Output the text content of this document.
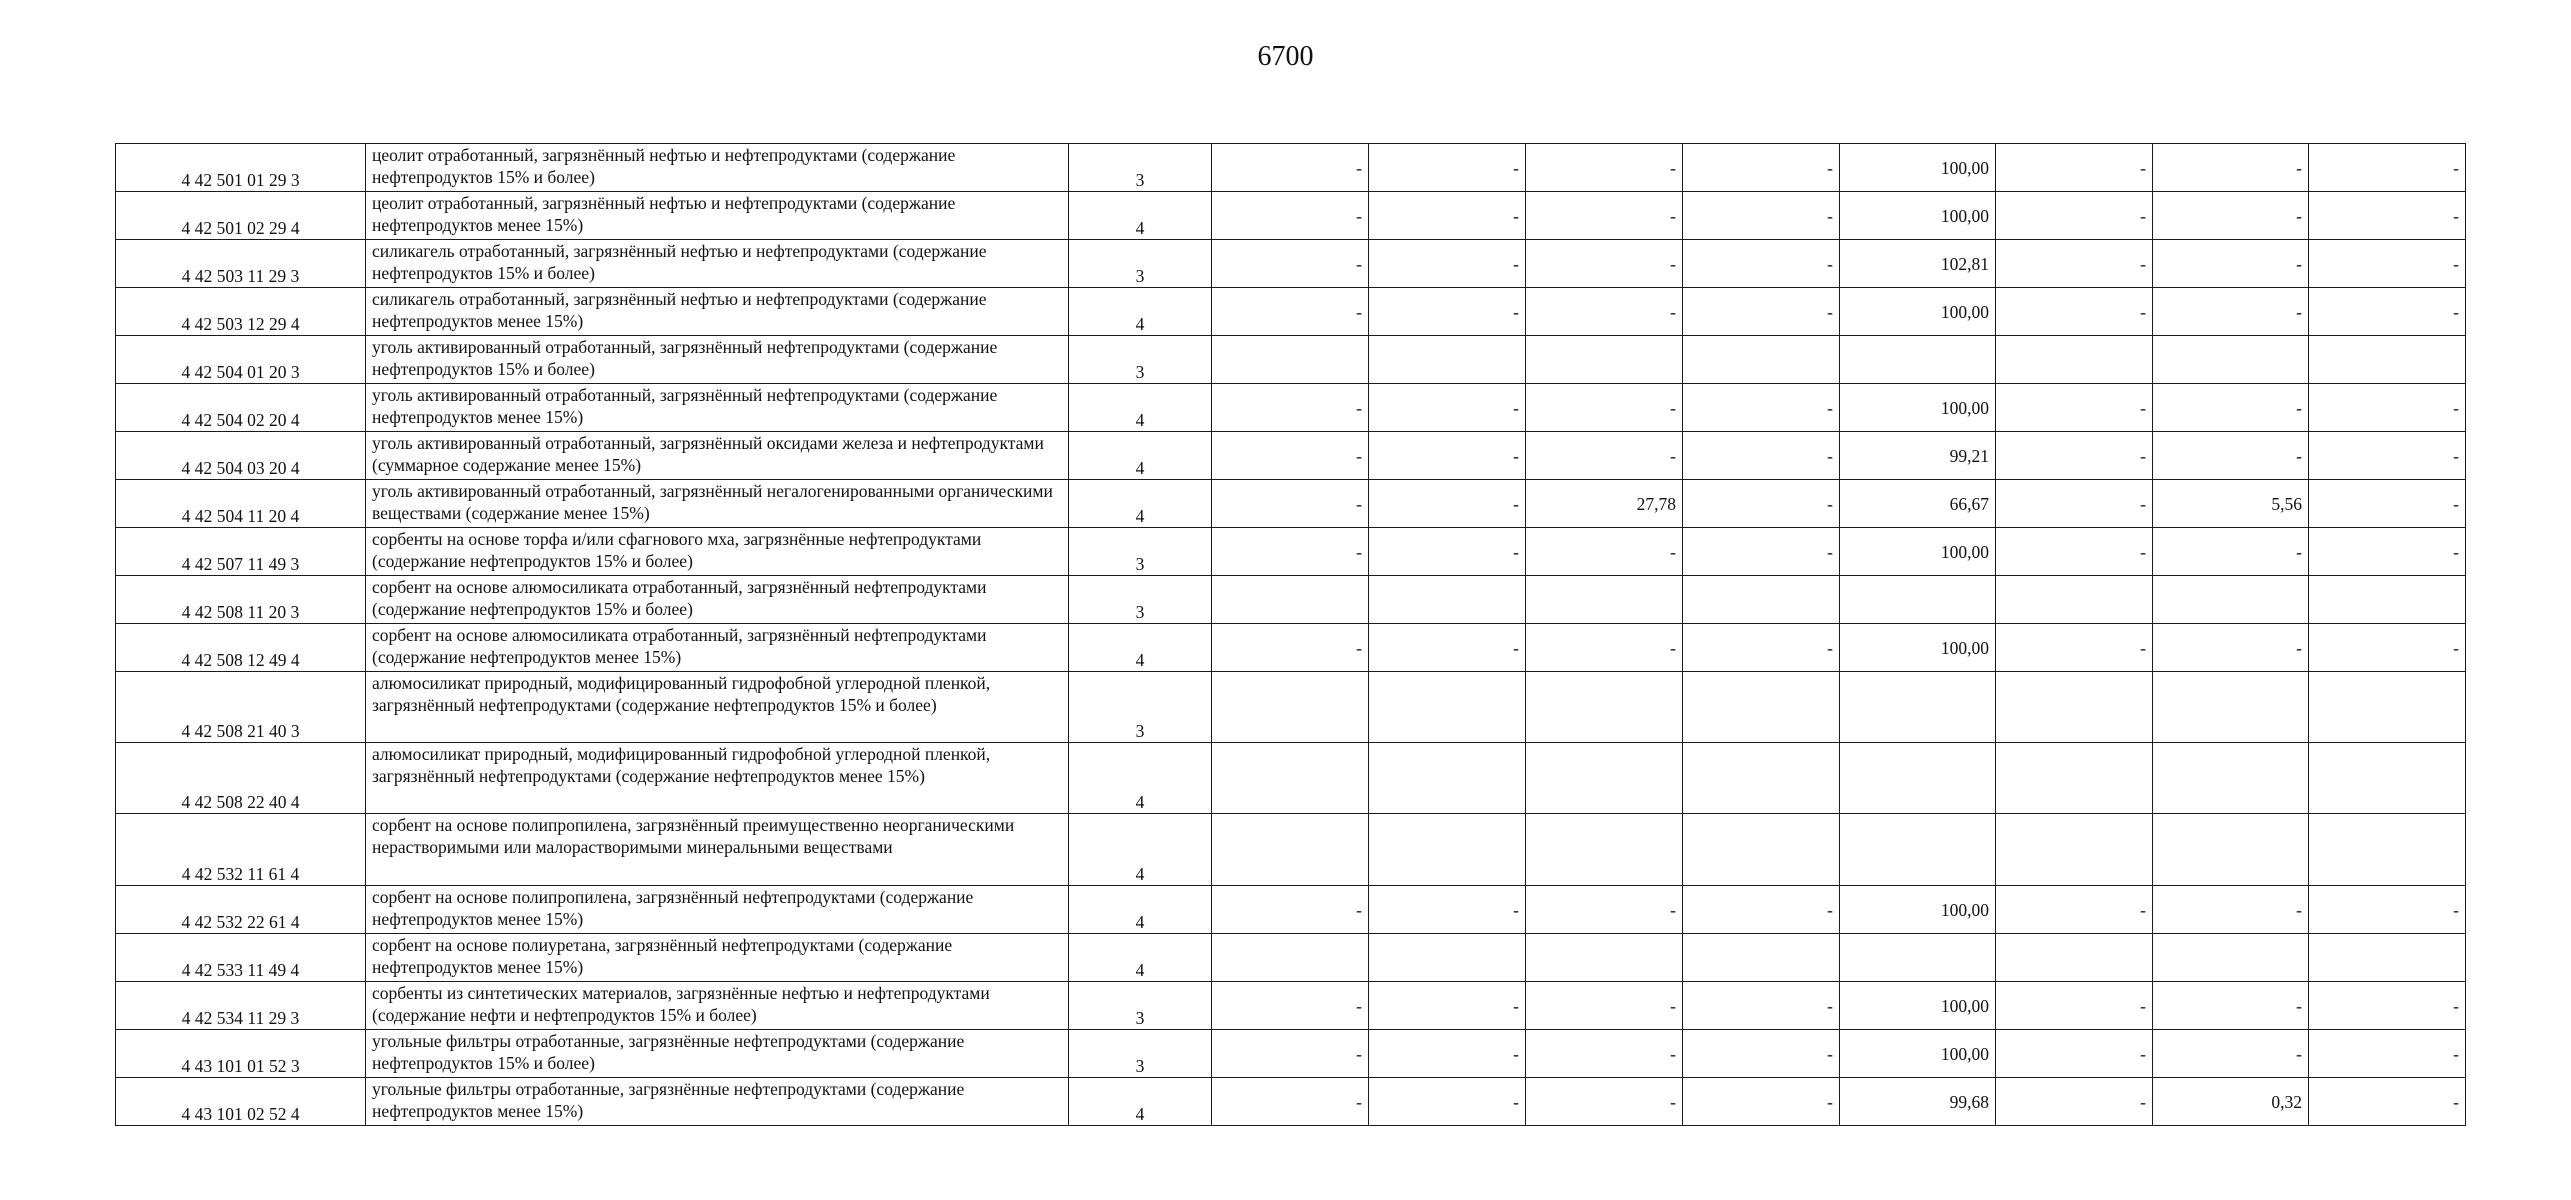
6700
4 42 501 01 29 3	цеолит отработанный, загрязнённый нефтью и нефтепродуктами (содержание нефтепродуктов 15% и более)	3	-	-	-	-	100,00	-	-	-
4 42 501 02 29 4	цеолит отработанный, загрязнённый нефтью и нефтепродуктами (содержание нефтепродуктов менее 15%)	4	-	-	-	-	100,00	-	-	-
4 42 503 11 29 3	силикагель отработанный, загрязнённый нефтью и нефтепродуктами (содержание нефтепродуктов 15% и более)	3	-	-	-	-	102,81	-	-	-
4 42 503 12 29 4	силикагель отработанный, загрязнённый нефтью и нефтепродуктами (содержание нефтепродуктов менее 15%)	4	-	-	-	-	100,00	-	-	-
4 42 504 01 20 3	уголь активированный отработанный, загрязнённый нефтепродуктами (содержание нефтепродуктов 15% и более)	3								
4 42 504 02 20 4	уголь активированный отработанный, загрязнённый нефтепродуктами (содержание нефтепродуктов менее 15%)	4	-	-	-	-	100,00	-	-	-
4 42 504 03 20 4	уголь активированный отработанный, загрязнённый оксидами железа и нефтепродуктами (суммарное содержание менее 15%)	4	-	-	-	-	99,21	-	-	-
4 42 504 11 20 4	уголь активированный отработанный, загрязнённый негалогенированными органическими веществами (содержание менее 15%)	4	-	-	27,78	-	66,67	-	5,56	-
4 42 507 11 49 3	сорбенты на основе торфа и/или сфагнового мха, загрязнённые нефтепродуктами (содержание нефтепродуктов 15% и более)	3	-	-	-	-	100,00	-	-	-
4 42 508 11 20 3	сорбент на основе алюмосиликата отработанный, загрязнённый нефтепродуктами (содержание нефтепродуктов 15% и более)	3								
4 42 508 12 49 4	сорбент на основе алюмосиликата отработанный, загрязнённый нефтепродуктами (содержание нефтепродуктов менее 15%)	4	-	-	-	-	100,00	-	-	-
4 42 508 21 40 3	алюмосиликат природный, модифицированный гидрофобной углеродной пленкой, загрязнённый нефтепродуктами (содержание нефтепродуктов 15% и более)	3								
4 42 508 22 40 4	алюмосиликат природный, модифицированный гидрофобной углеродной пленкой, загрязнённый нефтепродуктами (содержание нефтепродуктов менее 15%)	4								
4 42 532 11 61 4	сорбент на основе полипропилена, загрязнённый преимущественно неорганическими нерастворимыми или малорастворимыми минеральными веществами	4								
4 42 532 22 61 4	сорбент на основе полипропилена, загрязнённый нефтепродуктами (содержание нефтепродуктов менее 15%)	4	-	-	-	-	100,00	-	-	-
4 42 533 11 49 4	сорбент на основе полиуретана, загрязнённый нефтепродуктами (содержание нефтепродуктов менее 15%)	4								
4 42 534 11 29 3	сорбенты из синтетических материалов, загрязнённые нефтью и нефтепродуктами (содержание нефти и нефтепродуктов 15% и более)	3	-	-	-	-	100,00	-	-	-
4 43 101 01 52 3	угольные фильтры отработанные, загрязнённые нефтепродуктами (содержание нефтепродуктов 15% и более)	3	-	-	-	-	100,00	-	-	-
4 43 101 02 52 4	угольные фильтры отработанные, загрязнённые нефтепродуктами (содержание нефтепродуктов менее 15%)	4	-	-	-	-	99,68	-	0,32	-
